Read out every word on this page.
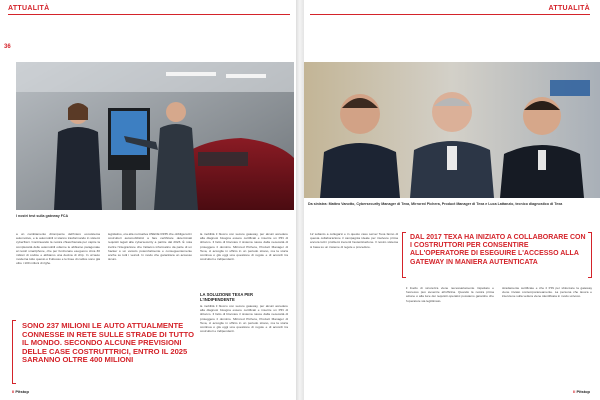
ATTUALITÀ
36
I nostri test sulla gateway FCA
a un cambiamento dirompente dell'intero ecosistema automotive, e le automobili si stanno trasformando in sistemi cyberfisici. Continuando la nostra chiacchierata per capire la complessità delle automobili odierne le abbiamo paragonate al nostri smartphone, che per funzionare eseguono circa 30 milioni di codice e abbiamo una decina di chip. In un'auto moderna tutto questo è fruttuoso e le linee di codice sono già oltre i 100 milioni di righe.
legislativo, ora alla normativa UNECE R155 che obbliga tutti i costruttori automobilistici a fare certificare determinati requisiti legati alla cybersecurity a partire dal 2023. È nota inoltre l'integrazione che l'attacco informatico da parte di un hacker è un veicolo potenzialmente e conseguentemente anche su tutti i veicoli. In modo che garantisca un accesso sicuro.
la mobilità il blocco con secure gateway, per alcuni accedere alla diagnosi bisogna essere certificati e inserire un PIN di sblocco. Il fatto di bloccare il sistema nasce dalla necessità di proteggere il dominio. Mirrored Pichera, Product Manager di Texa, ci accoglie in ufficio in un periodo strano, ma la storia continua è già oggi una questione di regole e di accordi tra costruttori e indipendenti.
LA SOLUZIONE TEXA PER L'INDIPENDENTE
la mobilità il blocco con secure gateway, per alcuni accedere alla diagnosi bisogna essere certificati e inserire un PIN di sblocco. Il fatto di bloccare il sistema nasce dalla necessità di proteggere il dominio. Mirrored Pichera, Product Manager di Texa, ci accoglie in ufficio in un periodo strano, ma la storia continua è già oggi una questione di regole e di accordi tra costruttori e indipendenti.
SONO 237 MILIONI LE AUTO ATTUALMENTE CONNESSE IN RETE SULLE STRADE DI TUTTO IL MONDO. SECONDO ALCUNE PREVISIONI DELLE CASE COSTRUTTRICI, ENTRO IL 2025 SARANNO OLTRE 400 MILIONI
Il Pitstop
ATTUALITÀ
Da sinistra: Matteo Vanotto, Cybersecurity Manager di Texa, Mirrored Pichera, Product Manager di Texa e Luca Lattanzio, tecnico diagnostico di Texa
12 soltanto a collegarsi e in questo caso server Texa fanno di questa collaborazione il campagnia ideale per risolvere prima ancora tutti i problemi inerenti l'autenticazione. Il nostro sistema si basa su un insieme di regole e procedure.
DAL 2017 TEXA HA INIZIATO A COLLABORARE CON I COSTRUTTORI PER CONSENTIRE ALL'OPERATORE DI ESEGUIRE L'ACCESSO ALLA GATEWAY IN MANIERA AUTENTICATA
il livello di sicurezza viene necessariamente rispettato e l'accesso può avvenire all'officina. Quando la nostra prima azione è alla luce dei requisiti operativi possiamo garantire che l'operatore sia legittimato.
stradamente certificate e che il PIN per sbloccare la gateway viene inviato contemporaneamente. La persona che lavora e interviene sulla vettura viene identificata in modo univoco.
Il Pitstop
